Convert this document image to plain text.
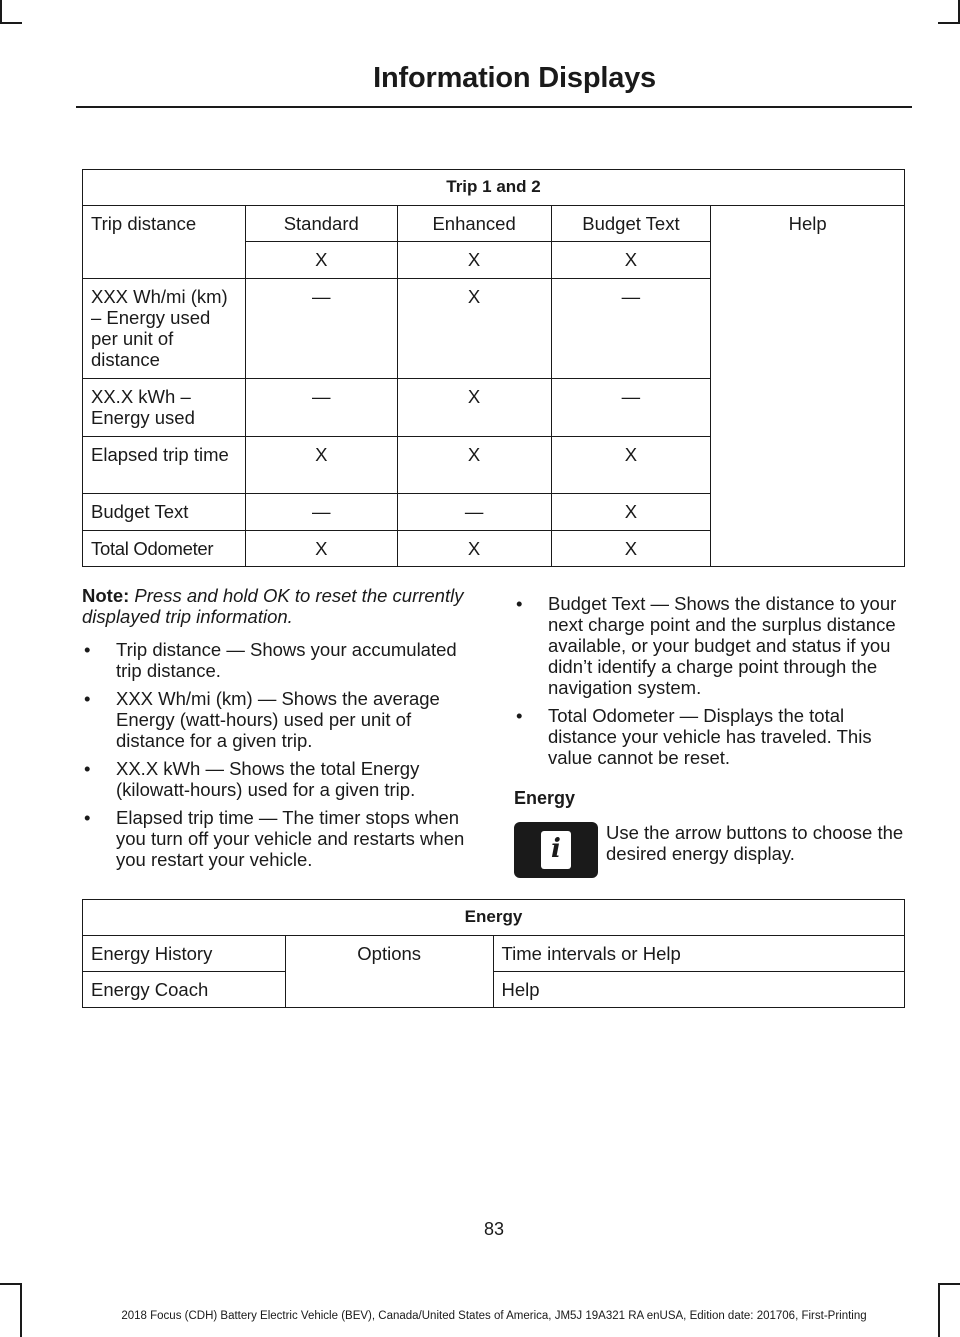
Information Displays
Trip 1 and 2				

Trip distance	Standard	Enhanced	Budget Text	Help

	X	X	X	

XXX Wh/mi (km) – Energy used per unit of distance	—	X	—	

XX.X kWh –Energy used	—	X	—	

Elapsed trip time	X	X	X	

Budget Text	—	—	X	

Total Odometer	X	X	X	
Note: Press and hold OK to reset the currently displayed trip information.
• Trip distance — Shows your accumulated trip distance.
• XXX Wh/mi (km) — Shows the average Energy (watt-hours) used per unit of distance for a given trip.
• XX.X kWh — Shows the total Energy (kilowatt-hours) used for a given trip.
• Elapsed trip time — The timer stops when you turn off your vehicle and restarts when you restart your vehicle.
• Budget Text — Shows the distance to your next charge point and the surplus distance available, or your budget and status if you didn’t identify a charge point through the navigation system.
• Total Odometer — Displays the total distance your vehicle has traveled. This value cannot be reset.
Energy
i
Use the arrow buttons to choose the desired energy display.
Energy		

Energy History	Options	Time intervals or Help

Energy Coach		Help
83
2018 Focus (CDH) Battery Electric Vehicle (BEV), Canada/United States of America, JM5J 19A321 RA enUSA, Edition date: 201706, First-Printing
